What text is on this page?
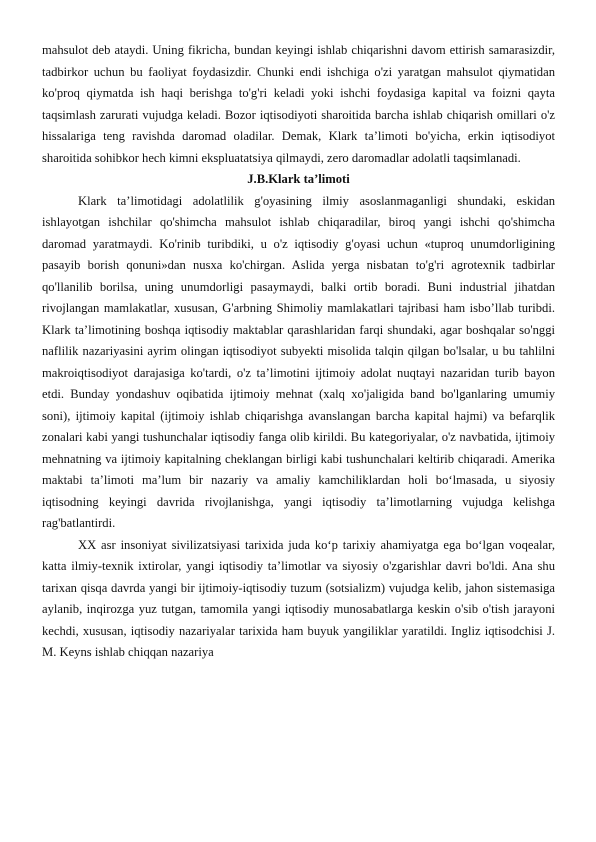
mahsulot deb ataydi. Uning fikricha, bundan keyingi ishlab chiqarishni davom ettirish samarasizdir, tadbirkor uchun bu faoliyat foydasizdir. Chunki endi ishchiga o'zi yaratgan mahsulot qiymatidan ko'proq qiymatda ish haqi berishga to'g'ri keladi yoki ishchi foydasiga kapital va foizni qayta taqsimlash zarurati vujudga keladi. Bozor iqtisodiyoti sharoitida barcha ishlab chiqarish omillari o'z hissalariga teng ravishda daromad oladilar. Demak, Klark ta’limoti bo'yicha, erkin iqtisodiyot sharoitida sohibkor hech kimni ekspluatatsiya qilmaydi, zero daromadlar adolatli taqsimlanadi.

J.B.Klark ta’limoti

Klark ta’limotidagi adolatlilik g'oyasining ilmiy asoslanmaganligi shundaki, eskidan ishlayotgan ishchilar qo'shimcha mahsulot ishlab chiqaradilar, biroq yangi ishchi qo'shimcha daromad yaratmaydi. Ko'rinib turibdiki, u o'z iqtisodiy g'oyasi uchun «tuproq unumdorligining pasayib borish qonuni»dan nusxa ko'chirgan. Aslida yerga nisbatan to'g'ri agrotexnik tadbirlar qo'llanilib borilsa, uning unumdorligi pasaymaydi, balki ortib boradi. Buni industrial jihatdan rivojlangan mamlakatlar, xususan, G'arbning Shimoliy mamlakatlari tajribasi ham isbo’llab turibdi. Klark ta’limotining boshqa iqtisodiy maktablar qarashlaridan farqi shundaki, agar boshqalar so'nggi naflilik nazariyasini ayrim olingan iqtisodiyot subyekti misolida talqin qilgan bo'lsalar, u bu tahlilni makroiqtisodiyot darajasiga ko'tardi, o'z ta’limotini ijtimoiy adolat nuqtayi nazaridan turib bayon etdi. Bunday yondashuv oqibatida ijtimoiy mehnat (xalq xo'jaligida band bo'lganlaring umumiy soni), ijtimoiy kapital (ijtimoiy ishlab chiqarishga avanslangan barcha kapital hajmi) va befarqlik zonalari kabi yangi tushunchalar iqtisodiy fanga olib kirildi. Bu kategoriyalar, o'z navbatida, ijtimoiy mehnatning va ijtimoiy kapitalning cheklangan birligi kabi tushunchalari keltirib chiqaradi. Amerika maktabi ta’limoti ma’lum bir nazariy va amaliy kamchiliklardan holi bo‘lmasada, u siyosiy iqtisodning keyingi davrida rivojlanishga, yangi iqtisodiy ta’limotlarning vujudga kelishga rag'batlantirdi.

XX asr insoniyat sivilizatsiyasi tarixida juda ko‘p tarixiy ahamiyatga ega bo‘lgan voqealar, katta ilmiy-texnik ixtirolar, yangi iqtisodiy ta’limotlar va siyosiy o'zgarishlar davri bo'ldi. Ana shu tarixan qisqa davrda yangi bir ijtimoiy-iqtisodiy tuzum (sotsializm) vujudga kelib, jahon sistemasiga aylanib, inqirozga yuz tutgan, tamomila yangi iqtisodiy munosabatlarga keskin o'sib o'tish jarayoni kechdi, xususan, iqtisodiy nazariyalar tarixida ham buyuk yangiliklar yaratildi. Ingliz iqtisodchisi J. M. Keyns ishlab chiqqan nazariya
